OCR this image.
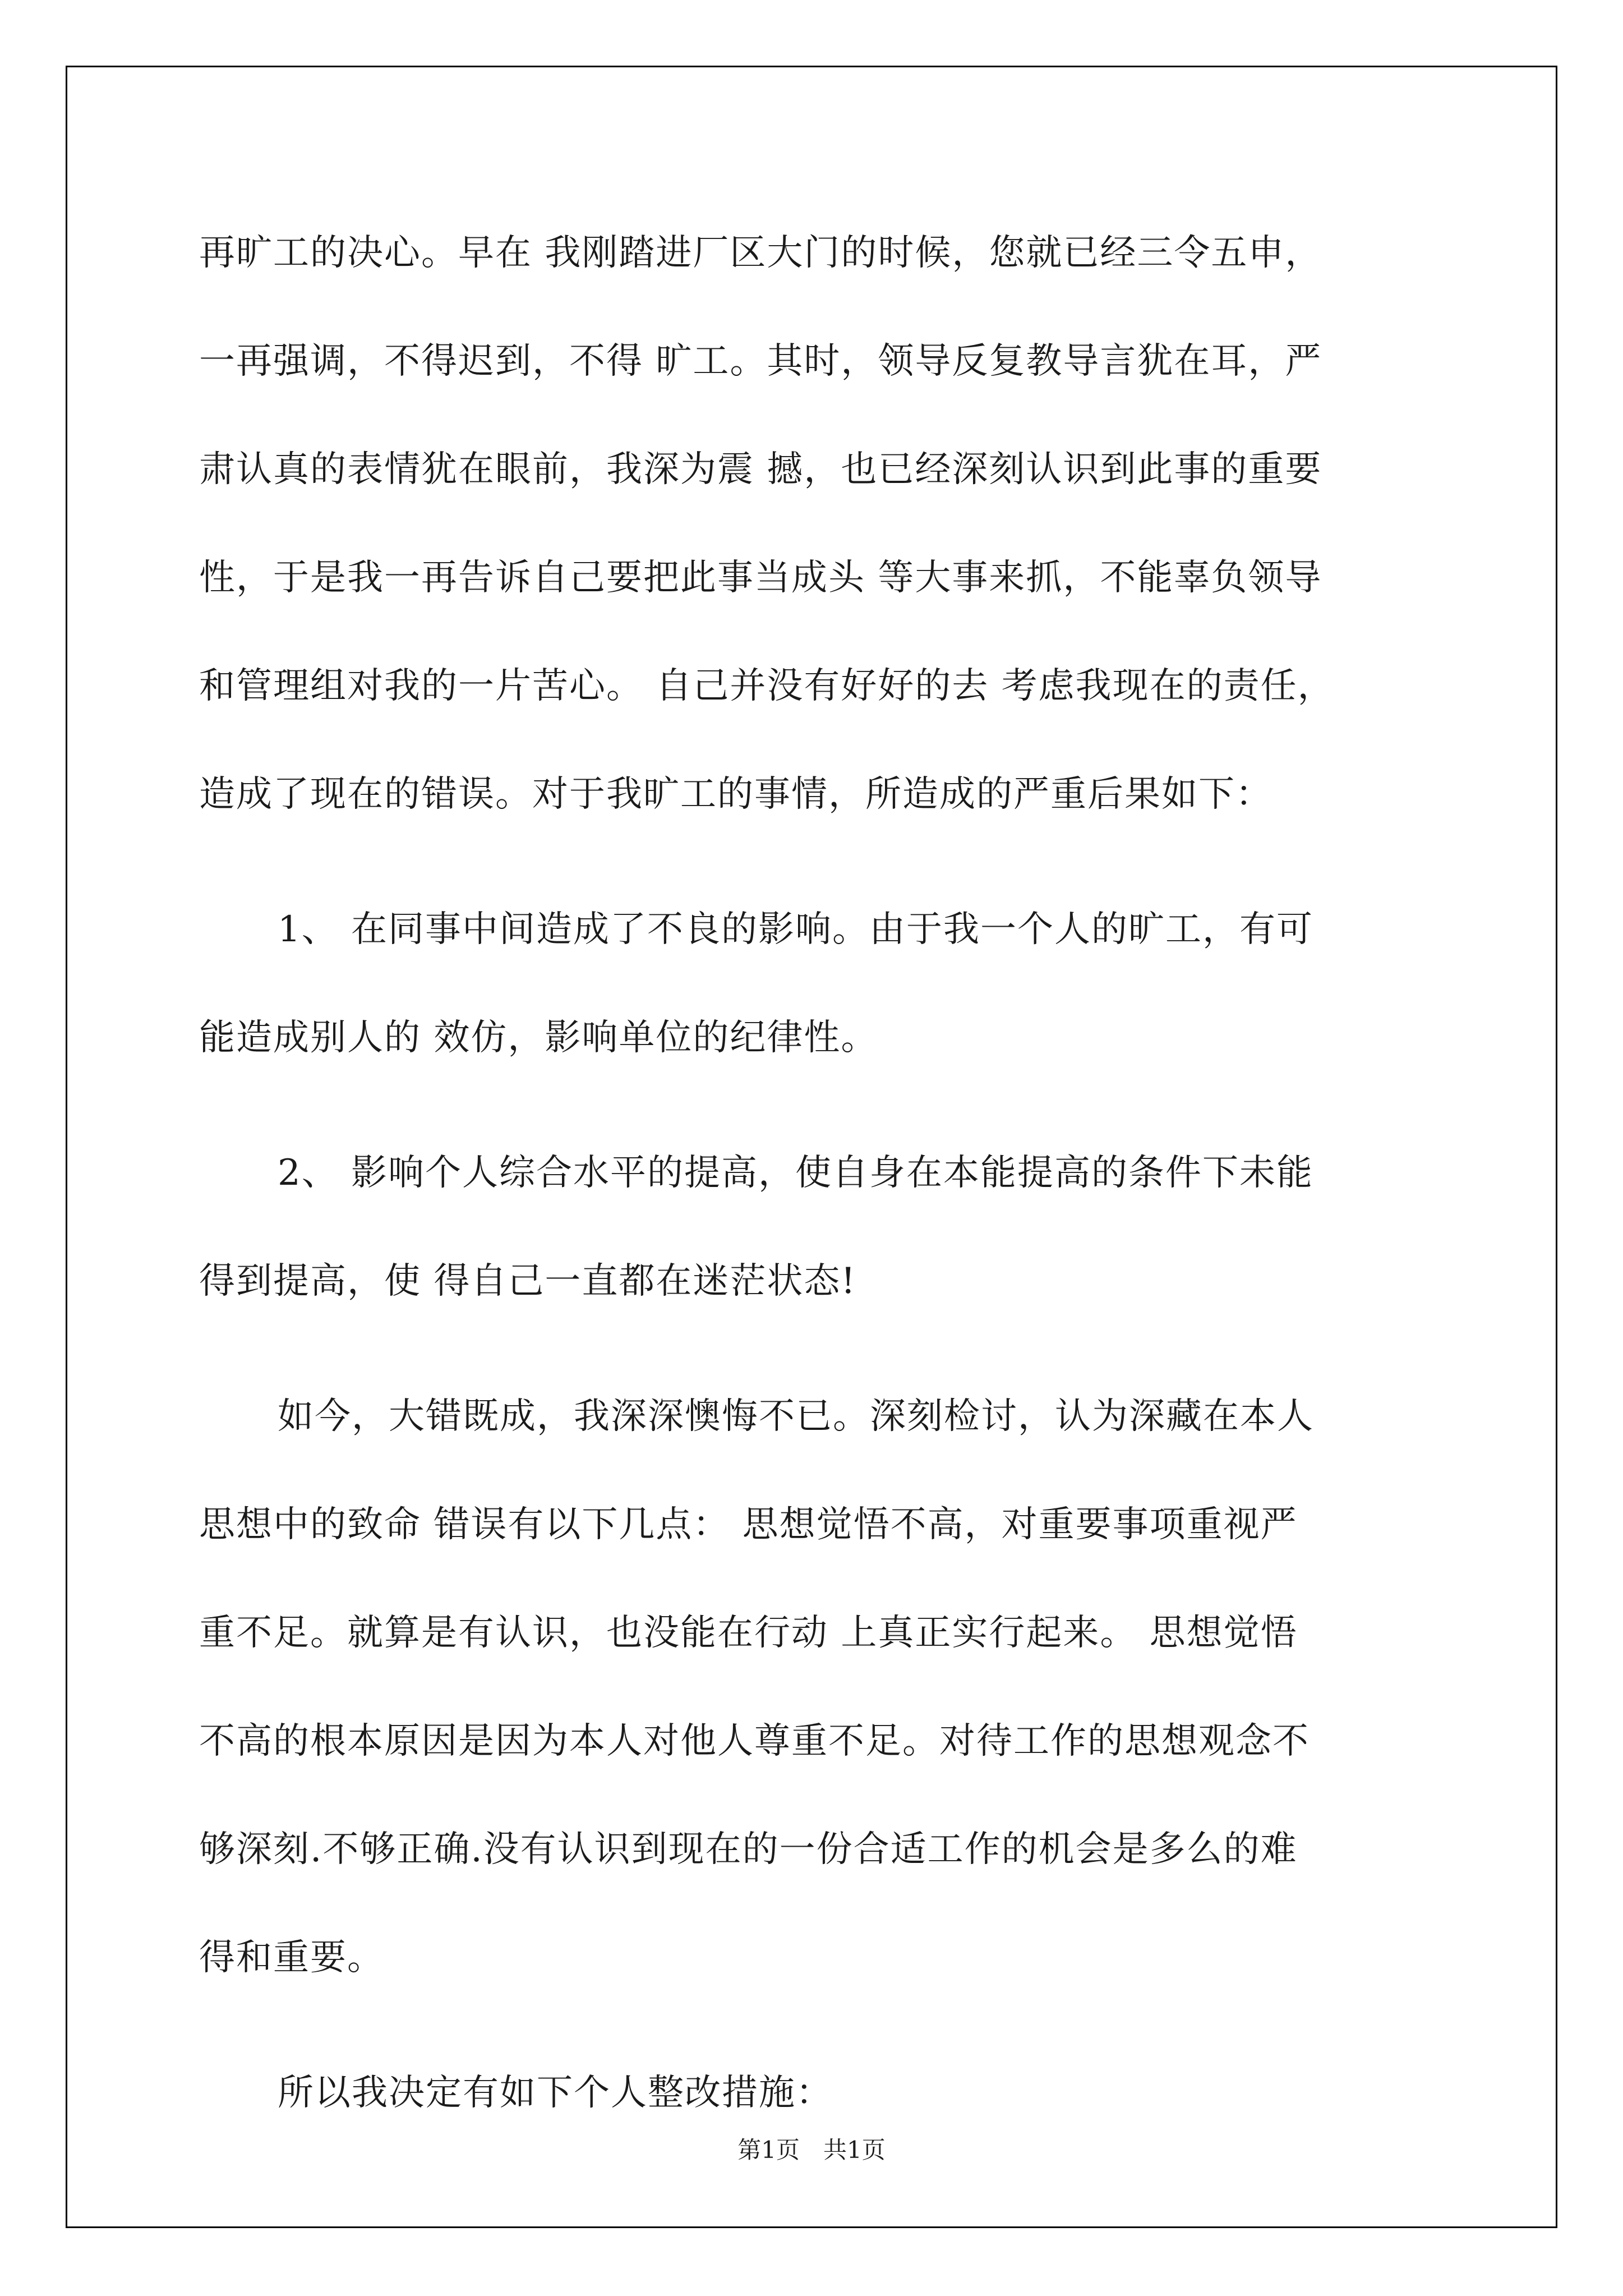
再旷工的决心。早在 我刚踏进厂区大门的时候，您就已经三令五申，
一再强调，不得迟到，不得 旷工。其时，领导反复教导言犹在耳，严
肃认真的表情犹在眼前，我深为震 撼，也已经深刻认识到此事的重要
性，于是我一再告诉自己要把此事当成头 等大事来抓，不能辜负领导
和管理组对我的一片苦心。 自己并没有好好的去 考虑我现在的责任，
造成了现在的错误。对于我旷工的事情，所造成的严重后果如下：
1、 在同事中间造成了不良的影响。由于我一个人的旷工，有可
能造成别人的 效仿，影响单位的纪律性。
2、 影响个人综合水平的提高，使自身在本能提高的条件下未能
得到提高，使 得自己一直都在迷茫状态!
如今，大错既成，我深深懊悔不已。深刻检讨，认为深藏在本人
思想中的致命 错误有以下几点： 思想觉悟不高，对重要事项重视严
重不足。就算是有认识，也没能在行动 上真正实行起来。 思想觉悟
不高的根本原因是因为本人对他人尊重不足。对待工作的思想观念不
够深刻.不够正确.没有认识到现在的一份合适工作的机会是多么的难
得和重要。
所以我决定有如下个人整改措施：
第1页　共1页
